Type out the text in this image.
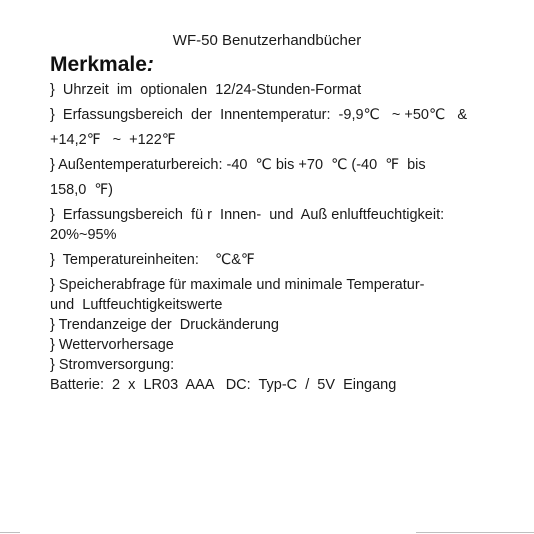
WF-50 Benutzerhandbücher
Merkmale:
}  Uhrzeit  im  optionalen  12/24-Stunden-Format
}  Erfassungsbereich  der  Innentemperatur:  -9,9℃   ~ +50℃   &
+14,2℉   ~  +122℉
} Außentemperaturbereich: -40  ℃ bis +70  ℃ (-40  ℉  bis
158,0  ℉)
}  Erfassungsbereich  fü r  Innen-  und  Auß enluftfeuchtigkeit:
20%~95%
}  Temperatureinheiten:    ℃&℉
} Speicherabfrage für maximale und minimale Temperatur-
und  Luftfeuchtigkeitswerte
} Trendanzeige der  Druckänderung
} Wettervorhersage
} Stromversorgung:
Batterie:  2  x  LR03  AAA   DC:  Typ-C  /  5V  Eingang
